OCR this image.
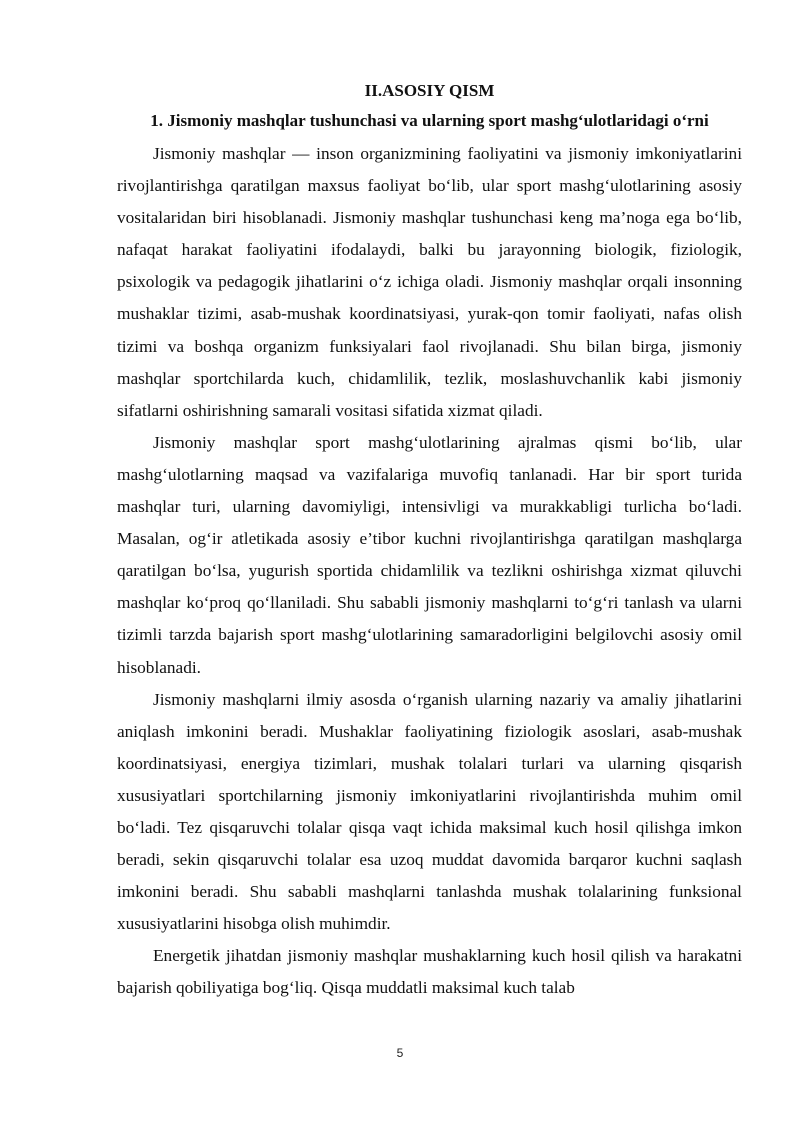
II.ASOSIY QISM

1. Jismoniy mashqlar tushunchasi va ularning sport mashg‘ulotlaridagi o‘rni

Jismoniy mashqlar — inson organizmining faoliyatini va jismoniy imkoniyatlarini rivojlantirishga qaratilgan maxsus faoliyat bo‘lib, ular sport mashg‘ulotlarining asosiy vositalaridan biri hisoblanadi. Jismoniy mashqlar tushunchasi keng ma’noga ega bo‘lib, nafaqat harakat faoliyatini ifodalaydi, balki bu jarayonning biologik, fiziologik, psixologik va pedagogik jihatlarini o‘z ichiga oladi. Jismoniy mashqlar orqali insonning mushaklar tizimi, asab-mushak koordinatsiyasi, yurak-qon tomir faoliyati, nafas olish tizimi va boshqa organizm funksiyalari faol rivojlanadi. Shu bilan birga, jismoniy mashqlar sportchilarda kuch, chidamlilik, tezlik, moslashuvchanlik kabi jismoniy sifatlarni oshirishning samarali vositasi sifatida xizmat qiladi.

Jismoniy mashqlar sport mashg‘ulotlarining ajralmas qismi bo‘lib, ular mashg‘ulotlarning maqsad va vazifalariga muvofiq tanlanadi. Har bir sport turida mashqlar turi, ularning davomiyligi, intensivligi va murakkabligi turlicha bo‘ladi. Masalan, og‘ir atletikada asosiy e’tibor kuchni rivojlantirishga qaratilgan mashqlarga qaratilgan bo‘lsa, yugurish sportida chidamlilik va tezlikni oshirishga xizmat qiluvchi mashqlar ko‘proq qo‘llaniladi. Shu sababli jismoniy mashqlarni to‘g‘ri tanlash va ularni tizimli tarzda bajarish sport mashg‘ulotlarining samaradorligini belgilovchi asosiy omil hisoblanadi.

Jismoniy mashqlarni ilmiy asosda o‘rganish ularning nazariy va amaliy jihatlarini aniqlash imkonini beradi. Mushaklar faoliyatining fiziologik asoslari, asab-mushak koordinatsiyasi, energiya tizimlari, mushak tolalari turlari va ularning qisqarish xususiyatlari sportchilarning jismoniy imkoniyatlarini rivojlantirishda muhim omil bo‘ladi. Tez qisqaruvchi tolalar qisqa vaqt ichida maksimal kuch hosil qilishga imkon beradi, sekin qisqaruvchi tolalar esa uzoq muddat davomida barqaror kuchni saqlash imkonini beradi. Shu sababli mashqlarni tanlashda mushak tolalarining funksional xususiyatlarini hisobga olish muhimdir.

Energetik jihatdan jismoniy mashqlar mushaklarning kuch hosil qilish va harakatni bajarish qobiliyatiga bog‘liq. Qisqa muddatli maksimal kuch talab

5
